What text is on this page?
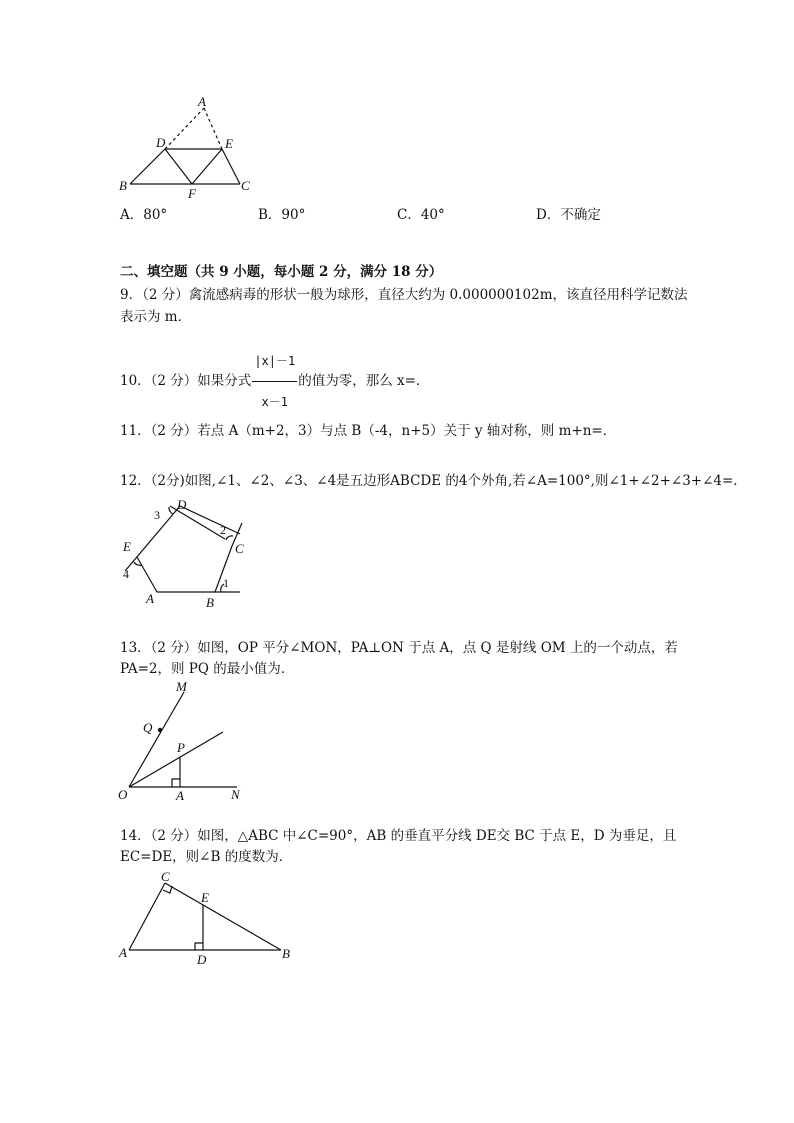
A
D	E
B
F
C
A．80°	B．90°	C．40°	D．不确定
二、填空题（共 9 小题，每小题 2 分，满分 18 分）
9．（2 分）禽流感病毒的形状一般为球形，直径大约为 0.000000102m，该直径用科学记数法
表示为 m．
10．（2 分）如果分式 $\frac{|x|-1}{x-1}$ 的值为零，那么 x=．
11．（2 分）若点 A（m+2，3）与点 B（-4，n+5）关于 y 轴对称，则 m+n=．
12．（2分)如图,∠1、∠2、∠3、∠4是五边形ABCDE 的4个外角,若∠A=100°,则∠1+∠2+∠3+∠4=．
D
C
E
A	B
1
2
3
4
13．（2 分）如图，OP 平分∠MON，PA⊥ON 于点 A，点 Q 是射线 OM 上的一个动点，若
PA=2，则 PQ 的最小值为．
M
Q
P
O	A	N
14．（2 分）如图，△ABC 中∠C=90°，AB 的垂直平分线 DE交 BC 于点 E，D 为垂足，且
EC=DE，则∠B 的度数为．
C
E
A	D	B
